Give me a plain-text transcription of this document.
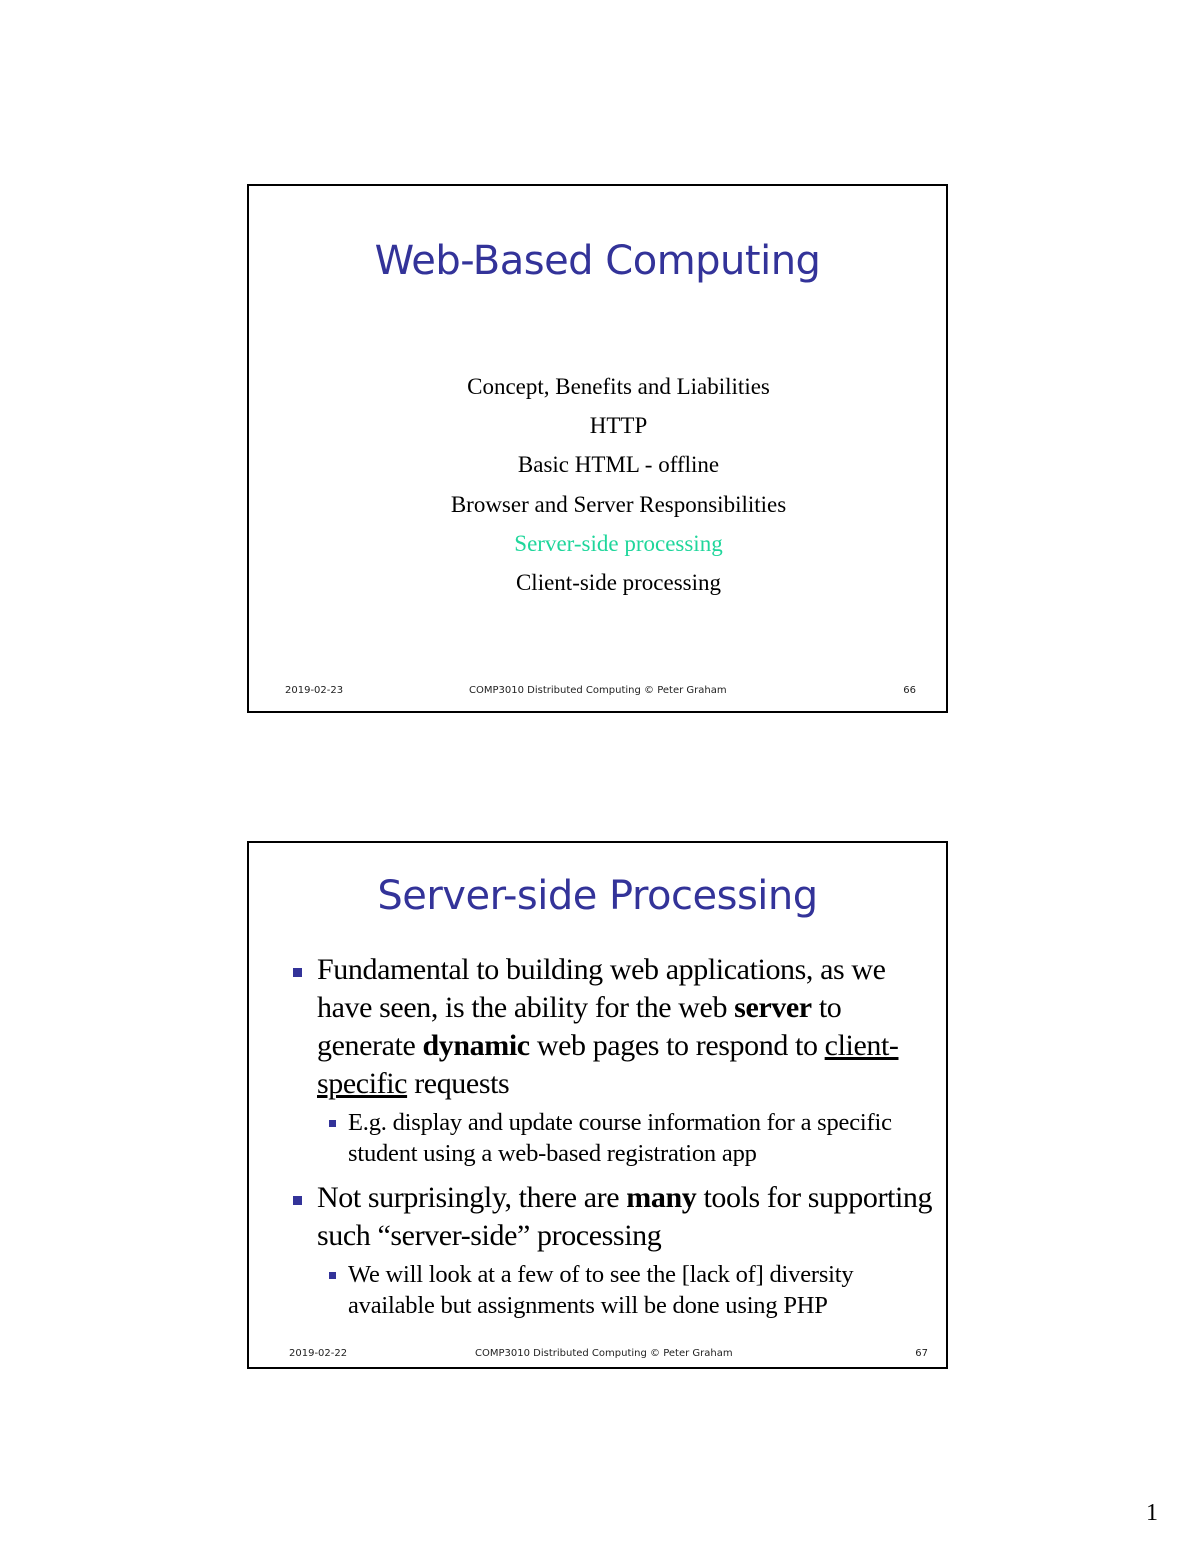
Web-Based Computing
Concept, Benefits and Liabilities
HTTP
Basic HTML - offline
Browser and Server Responsibilities
Server-side processing
Client-side processing
2019-02-23	COMP3010 Distributed Computing © Peter Graham	66
Server-side Processing
Fundamental to building web applications, as we have seen, is the ability for the web server to generate dynamic web pages to respond to client-specific requests
E.g. display and update course information for a specific student using a web-based registration app
Not surprisingly, there are many tools for supporting such “server-side” processing
We will look at a few of to see the [lack of] diversity available but assignments will be done using PHP
2019-02-22	COMP3010 Distributed Computing © Peter Graham	67
1
